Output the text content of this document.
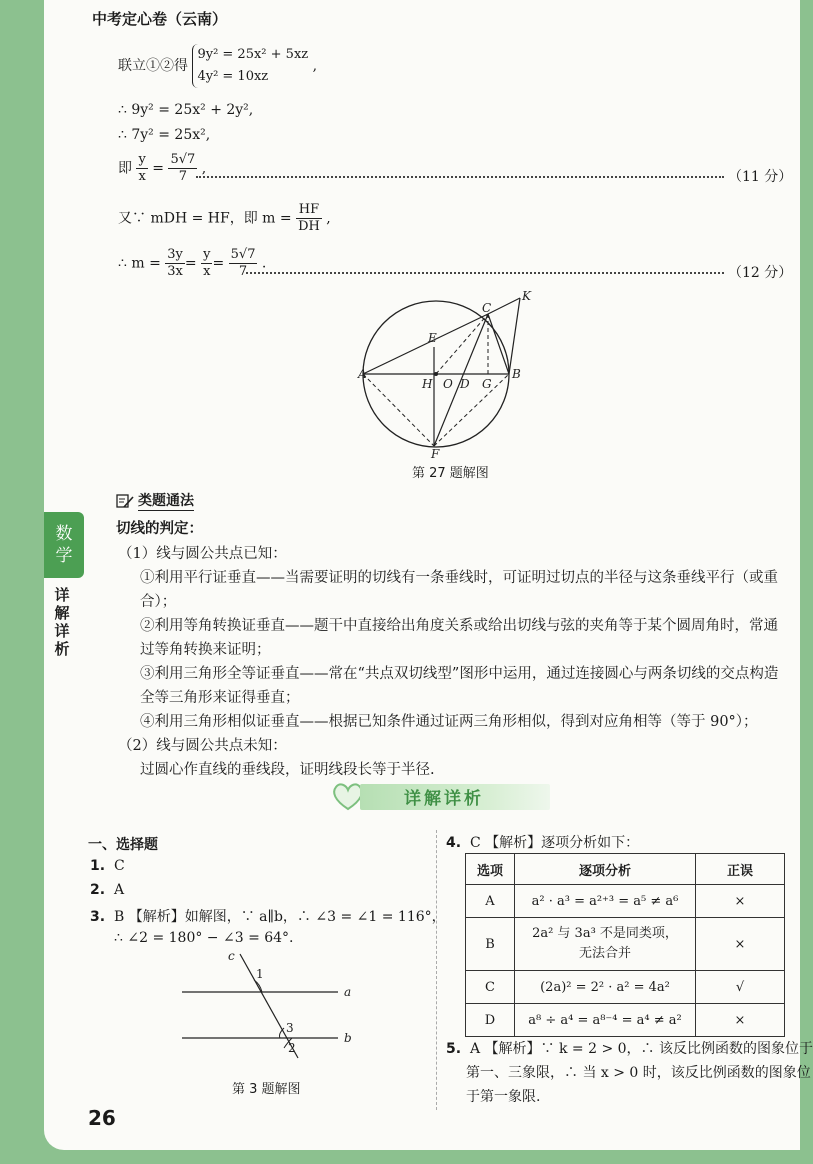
数
学
详
解
详
析
中考定心卷（云南）
联立①②得
9y² = 25x² + 5xz
4y² = 10xz
,
∴ 9y² = 25x² + 2y²,
∴ 7y² = 25x²,
即 $\frac{y}{x} = \frac{5√7}{7}$ ,
（11 分）
又∵ mDH = HF，即 $m = \frac{HF}{DH}$ ,
∴ $m = \frac{3y}{3x} = \frac{y}{x} = \frac{5√7}{7}$ .
（12 分）
A	B
C
K
E
H O D G
F
第 27 题解图
类题通法
切线的判定：
（1）线与圆公共点已知：
①利用平行证垂直——当需要证明的切线有一条垂线时，可证明过切点的半径与这条垂线平行（或重
合）；
②利用等角转换证垂直——题干中直接给出角度关系或给出切线与弦的夹角等于某个圆周角时，常通
过等角转换来证明；
③利用三角形全等证垂直——常在“共点双切线型”图形中运用，通过连接圆心与两条切线的交点构造
全等三角形来证得垂直；
④利用三角形相似证垂直——根据已知条件通过证两三角形相似，得到对应角相等（等于 90°）；
（2）线与圆公共点未知：
过圆心作直线的垂线段，证明线段长等于半径.
详解详析
一、选择题
1. C
2. A
3. B 【解析】如解图，∵ a∥b，∴ ∠3 = ∠1 = 116°，
∴ ∠2 = 180° − ∠3 = 64°.
c
1
a
3
2
b
第 3 题解图
4. C 【解析】逐项分析如下：
选项	逐项分析	正误
A	a² · a³ = a²⁺³ = a⁵ ≠ a⁶	×
B	2a² 与 3a³ 不是同类项，无法合并	×
C	(2a)² = 2² · a² = 4a²	√
D	a⁸ ÷ a⁴ = a⁸⁻⁴ = a⁴ ≠ a²	×
5. A 【解析】∵ k = 2 > 0，∴ 该反比例函数的图象位于
第一、三象限，∴ 当 x > 0 时，该反比例函数的图象位
于第一象限.
26
